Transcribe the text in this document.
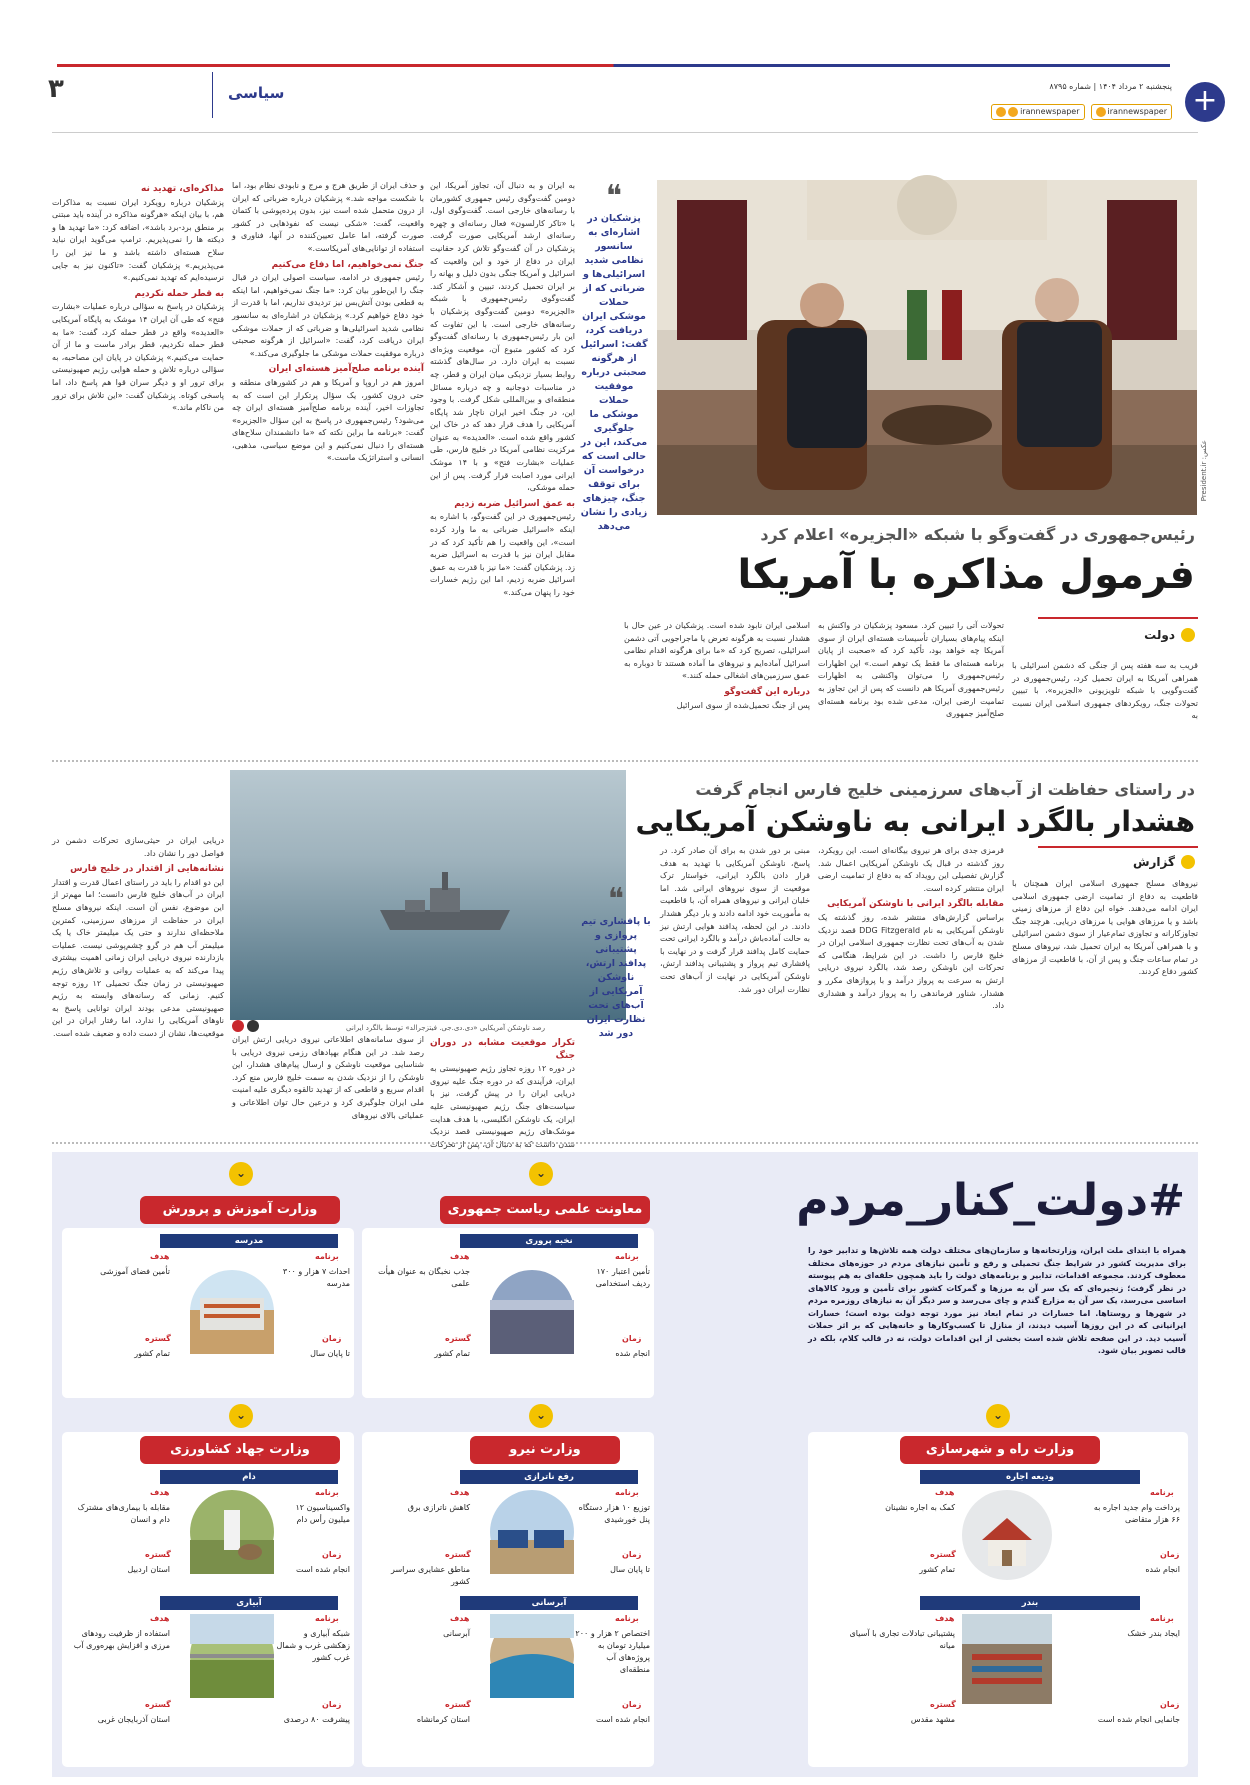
۳	سیاسی	+
پنجشنبه ۲ مرداد ۱۴۰۴ | شماره ۸۷۹۵
irannewspaper
irannewspaper
عکس: President.ir
❝
پزشکیان در اشاره‌ای به سانسور نظامی شدید اسرائیلی‌ها و ضرباتی که از حملات موشکی ایران دریافت کرد، گفت: اسرائیل از هرگونه صحبتی درباره موفقیت حملات موشکی ما جلوگیری می‌کند، این در حالی است که درخواست آن برای توقف جنگ، چیزهای زیادی را نشان می‌دهد	رئیس‌جمهوری در گفت‌وگو با شبکه «الجزیره» اعلام کرد
فرمول مذاکره با آمریکا
دولت

قریب به سه هفته پس از جنگی که دشمن اسرائیلی با همراهی آمریکا به ایران تحمیل کرد، رئیس‌جمهوری در گفت‌وگویی با شبکه تلویزیونی «الجزیره»، با تبیین تحولات جنگ، رویکردهای جمهوری اسلامی ایران نسبت به

تحولات آتی را تبیین کرد. مسعود پزشکیان در واکنش به اینکه پیام‌های بسیاران تأسیسات هسته‌ای ایران از سوی آمریکا چه خواهد بود، تأکید کرد که «صحبت از پایان برنامه هسته‌ای ما فقط یک توهم است.» این اظهارات رئیس‌جمهوری را می‌توان واکنشی به اظهارات رئیس‌جمهوری آمریکا هم دانست که پس از این تجاوز به تمامیت ارضی ایران، مدعی شده بود برنامه هسته‌ای صلح‌آمیز جمهوری

اسلامی ایران نابود شده است. پزشکیان در عین حال با هشدار نسبت به هرگونه تعرض یا ماجراجویی آتی دشمن اسرائیلی، تصریح کرد که «ما برای هرگونه اقدام نظامی اسرائیل آماده‌ایم و نیروهای ما آماده هستند تا دوباره به عمق سرزمین‌های اشغالی حمله کنند.»

درباره این گفت‌وگو

پس از جنگ تحمیل‌شده از سوی اسرائیل

به ایران و به دنبال آن، تجاوز آمریکا، این دومین گفت‌وگوی رئیس جمهوری کشورمان با رسانه‌های خارجی است. گفت‌وگوی اول، با «تاکر کارلسون» فعال رسانه‌ای و چهره رسانه‌ای ارشد آمریکایی صورت گرفت. پزشکیان در آن گفت‌وگو تلاش کرد حقانیت ایران در دفاع از خود و این واقعیت که اسرائیل و آمریکا جنگی بدون دلیل و بهانه را بر ایران تحمیل کردند، تبیین و آشکار کند. گفت‌وگوی رئیس‌جمهوری با شبکه «الجزیره» دومین گفت‌وگوی پزشکیان با رسانه‌های خارجی است. با این تفاوت که این بار رئیس‌جمهوری با رسانه‌ای گفت‌وگو کرد که کشور متبوع آن، موقعیت ویژه‌ای نسبت به ایران دارد. در سال‌های گذشته روابط بسیار نزدیکی میان ایران و قطر، چه در مناسبات دوجانبه و چه درباره مسائل منطقه‌ای و بین‌المللی شکل گرفت. با وجود این، در جنگ اخیر ایران ناچار شد پایگاه آمریکایی را هدف قرار دهد که در خاک این کشور واقع شده است. «العدیده» به عنوان مرکزیت نظامی آمریکا در خلیج فارس، طی عملیات «بشارت فتح» و با ۱۴ موشک ایرانی مورد اصابت قرار گرفت. پس از این حمله موشکی،

به عمق اسرائیل ضربه زدیم

رئیس‌جمهوری در این گفت‌وگو، با اشاره به اینکه «اسرائیل ضرباتی به ما وارد کرده است»، این واقعیت را هم تأکید کرد که در مقابل ایران نیز با قدرت به اسرائیل ضربه زد. پزشکیان گفت: «ما نیز با قدرت به عمق اسرائیل ضربه زدیم، اما این رژیم خسارات خود را پنهان می‌کند.»

و حذف ایران از طریق هرج و مرج و نابودی نظام بود، اما با شکست مواجه شد.» پزشکیان درباره ضرباتی که ایران از درون متحمل شده است نیز، بدون پرده‌پوشی با کتمان واقعیت، گفت: «شکی نیست که نفوذهایی در کشور صورت گرفته، اما عامل تعیین‌کننده در آنها، فناوری و استفاده از توانایی‌های آمریکاست.»

جنگ نمی‌خواهیم، اما دفاع می‌کنیم

رئیس جمهوری در ادامه، سیاست اصولی ایران در قبال جنگ را این‌طور بیان کرد: «ما جنگ نمی‌خواهیم، اما اینکه به قطعی بودن آتش‌بس نیز تردیدی نداریم، اما با قدرت از خود دفاع خواهیم کرد.» پزشکیان در اشاره‌ای به سانسور نظامی شدید اسرائیلی‌ها و ضرباتی که از حملات موشکی ایران دریافت کرد، گفت: «اسرائیل از هرگونه صحبتی درباره موفقیت حملات موشکی ما جلوگیری می‌کند.»

آینده برنامه صلح‌آمیز هسته‌ای ایران

امروز هم در اروپا و آمریکا و هم در کشورهای منطقه و حتی درون کشور، یک سؤال پرتکرار این است که به تجاوزات اخیر، آینده برنامه صلح‌آمیز هسته‌ای ایران چه می‌شود؟ رئیس‌جمهوری در پاسخ به این سؤال «الجزیره» گفت: «برنامه ما براین نکته که «ما دانشمندان سلاح‌های هسته‌ای را دنبال نمی‌کنیم و این موضع سیاسی، مذهبی، انسانی و استراتژیک ماست.»

مذاکره‌ای، تهدید نه

پزشکیان درباره رویکرد ایران نسبت به مذاکرات هم، با بیان اینکه «هرگونه مذاکره در آینده باید مبتنی بر منطق برد-برد باشد»، اضافه کرد: «ما تهدید ها و دیکته ها را نمی‌پذیریم. ترامپ می‌گوید ایران نباید سلاح هسته‌ای داشته باشد و ما نیز این را می‌پذیریم.» پزشکیان گفت: «تاکنون نیز به جایی نرسیده‌ایم که تهدید نمی‌کنیم.»

به قطر حمله نکردیم

پزشکیان در پاسخ به سؤالی درباره عملیات «بشارت فتح» که طی آن ایران ۱۴ موشک به پایگاه آمریکایی «العدیده» واقع در قطر حمله کرد، گفت: «ما به قطر حمله نکردیم، قطر برادر ماست و ما از آن حمایت می‌کنیم.» پزشکیان در پایان این مصاحبه، به سؤالی درباره تلاش و حمله هوایی رژیم صهیونیستی برای ترور او و دیگر سران قوا هم پاسخ داد، اما پاسخی کوتاه. پزشکیان گفت: «این تلاش برای ترور من ناکام ماند.»

رصد ناوشکن آمریکایی «دی.دی.جی. فیتزجرالد» توسط بالگرد ایرانی
در راستای حفاظت از آب‌های سرزمینی خلیج فارس انجام گرفت
هشدار بالگرد ایرانی به ناوشکن آمریکایی
گزارش
❝
با پافشاری تیم پروازی و پشتیبانی پدافند ارتش، ناوشکن آمریکایی از آب‌های تحت نظارت ایران دور شد

نیروهای مسلح جمهوری اسلامی ایران همچنان با قاطعیت به دفاع از تمامیت ارضی جمهوری اسلامی ایران ادامه می‌دهند. خواه این دفاع از مرزهای زمینی باشد و یا مرزهای هوایی یا مرزهای دریایی. هرچند جنگ تجاوزکارانه و تجاوزی تمام‌عیار از سوی دشمن اسرائیلی و با همراهی آمریکا به ایران تحمیل شد، نیروهای مسلح در تمام ساعات جنگ و پس از آن، با قاطعیت از مرزهای کشور دفاع کردند.

قرمزی جدی برای هر نیروی بیگانه‌ای است. این رویکرد، روز گذشته در قبال یک ناوشکن آمریکایی اعمال شد. گزارش تفصیلی این رویداد که به دفاع از تمامیت ارضی ایران منتشر کرده است.

مقابله بالگرد ایرانی با ناوشکن آمریکایی

براساس گزارش‌های منتشر شده، روز گذشته یک ناوشکن آمریکایی به نام DDG Fitzgerald قصد نزدیک شدن به آب‌های تحت نظارت جمهوری اسلامی ایران در خلیج فارس را داشت. در این شرایط، هنگامی که تحرکات این ناوشکن رصد شد، بالگرد نیروی دریایی ارتش به سرعت به پرواز درآمد و با پروازهای مکرر و هشدار، شناور فرماندهی را به پرواز درآمد و هشداری داد.

مبنی بر دور شدن به برای آن صادر کرد. در پاسخ، ناوشکن آمریکایی با تهدید به هدف قرار دادن بالگرد ایرانی، خواستار ترک موقعیت از سوی نیروهای ایرانی شد. اما خلبان ایرانی و نیروهای همراه آن، با قاطعیت به مأموریت خود ادامه دادند و بار دیگر هشدار دادند. در این لحظه، پدافند هوایی ارتش نیز به حالت آماده‌باش درآمد و بالگرد ایرانی تحت حمایت کامل پدافند قرار گرفت و در نهایت با پافشاری تیم پرواز و پشتیبانی پدافند ارتش، ناوشکن آمریکایی در نهایت از آب‌های تحت نظارت ایران دور شد.

تکرار موقعیت مشابه در دوران جنگ

در دوره ۱۲ روزه تجاوز رژیم صهیونیستی به ایران، فرآیندی که در دوره جنگ علیه نیروی دریایی ایران را در پیش گرفت، نیز با سیاست‌های جنگ رژیم صهیونیستی علیه ایران، یک ناوشکن انگلیسی، با هدف هدایت موشک‌های رژیم صهیونیستی قصد نزدیک شدن داشت که به دنبال آن، پس از تحرکات

از سوی سامانه‌های اطلاعاتی نیروی دریایی ارتش ایران رصد شد. در این هنگام بهپادهای رزمی نیروی دریایی با شناسایی موقعیت ناوشکن و ارسال پیام‌های هشدار، این ناوشکن را از نزدیک شدن به سمت خلیج فارس منع کرد. اقدام سریع و قاطعی که از تهدید تالقوه دیگری علیه امنیت ملی ایران جلوگیری کرد و درعین حال توان اطلاعاتی و عملیاتی بالای نیروهای

دریایی ایران در حیثی‌سازی تحرکات دشمن در فواصل دور را نشان داد.

نشانه‌هایی از اقتدار در خلیج فارس

این دو اقدام را باید در راستای اعمال قدرت و اقتدار ایران در آب‌های خلیج فارس دانست؛ اما مهم‌تر از این موضوع، نفس آن است. اینکه نیروهای مسلح ایران در حفاظت از مرزهای سرزمینی، کمترین ملاحظه‌ای ندارند و حتی یک میلیمتر خاک یا یک میلیمتر آب هم در گرو چشم‌پوشی نیست. عملیات بازدارنده نیروی دریایی ایران زمانی اهمیت بیشتری پیدا می‌کند که به عملیات روانی و تلاش‌های رژیم صهیونیستی در زمان جنگ تحمیلی ۱۲ روزه توجه کنیم. زمانی که رسانه‌های وابسته به رژیم صهیونیستی مدعی بودند ایران توانایی پاسخ به ناوهای آمریکایی را ندارد، اما رفتار ایران در این موقعیت‌ها، نشان از دست داده و ضعیف شده است.

#دولت_کنار_مردم
همراه با ابتدای ملت ایران، وزارتخانه‌ها و سازمان‌های مختلف دولت همه تلاش‌ها و تدابیر خود را برای مدیریت کشور در شرایط جنگ تحمیلی و رفع و تأمین نیازهای مردم در حوزه‌های مختلف معطوف کردند. مجموعه اقدامات، تدابیر و برنامه‌های دولت را باید همچون حلقه‌ای به هم پیوسته در نظر گرفت؛ زنجیره‌ای که یک سر آن به مرزها و گمرکات کشور برای تأمین و ورود کالاهای اساسی می‌رسد، یک سر آن به مزارع گندم و چای می‌رسد و سر دیگر آن به نیازهای روزمره مردم در شهرها و روستاها. اما خسارات در تمام ابعاد نیز مورد توجه دولت بوده است؛ خسارات ایرانیانی که در این روزها آسیب دیدند، از منازل تا کسب‌وکارها و خانه‌هایی که بر اثر حملات آسیب دید. در این صفحه تلاش شده است بخشی از این اقدامات دولت، نه در قالب کلام، بلکه در قالب تصویر بیان شود.
⌄
وزارت آموزش و پرورش
مدرسه
برنامه
احداث ۷ هزار و ۳۰۰ مدرسه
هدف
تأمین فضای آموزشی
زمان
تا پایان سال
گستره
تمام کشور
⌄
معاونت علمی ریاست جمهوری
نخبه پروری
برنامه
تأمین اعتبار ۱۷۰ ردیف استخدامی
هدف
جذب نخبگان به عنوان هیأت علمی
زمان
انجام شده
گستره
تمام کشور
⌄
وزارت جهاد کشاورزی
دام
برنامه
واکسیناسیون ۱۲ میلیون رأس دام
هدف
مقابله با بیماری‌های مشترک دام و انسان
زمان
انجام شده است
گستره
استان اردبیل
آبیاری
برنامه
شبکه آبیاری و زهکشی غرب و شمال غرب کشور
هدف
استفاده از ظرفیت رودهای مرزی و افزایش بهره‌وری آب
زمان
پیشرفت ۸۰ درصدی
گستره
استان آذربایجان غربی
⌄
وزارت نیرو
رفع ناترازی
برنامه
توزیع ۱۰ هزار دستگاه پنل خورشیدی
هدف
کاهش ناترازی برق
زمان
تا پایان سال
گستره
مناطق عشایری سراسر کشور
آبرسانی
برنامه
اختصاص ۲ هزار و ۲۰۰ میلیارد تومان به پروژه‌های آب منطقه‌ای
هدف
آبرسانی
زمان
انجام شده است
گستره
استان کرمانشاه
⌄
وزارت راه و شهرسازی
ودیعه اجاره
برنامه
پرداخت وام جدید اجاره به ۶۶ هزار متقاضی
هدف
کمک به اجاره نشینان
زمان
انجام شده
گستره
تمام کشور
بندر
برنامه
ایجاد بندر خشک
هدف
پشتیبانی تبادلات تجاری با آسیای میانه
زمان
جانمایی انجام شده است
گستره
مشهد مقدس
